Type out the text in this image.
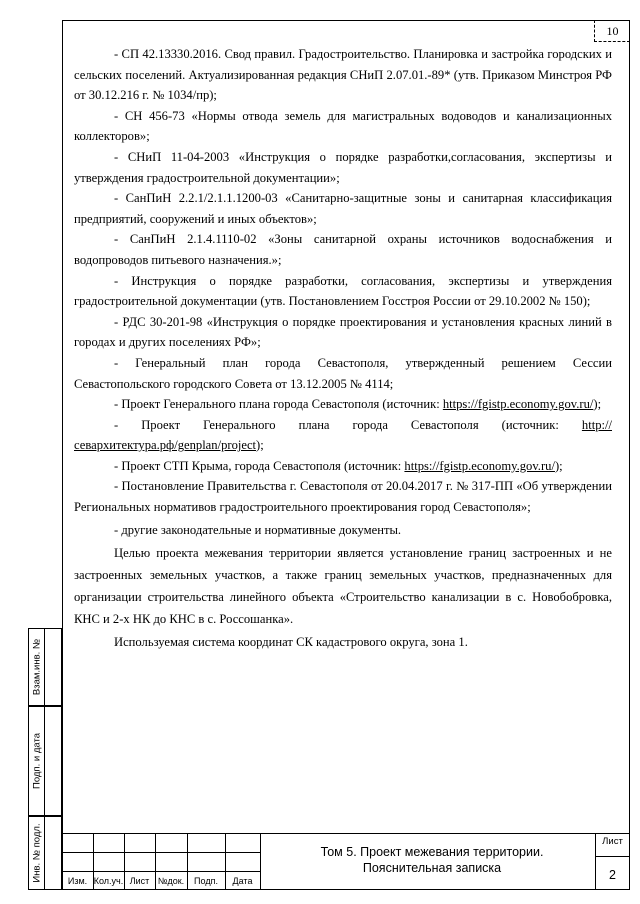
10

- СП 42.13330.2016. Свод правил. Градостроительство. Планировка и застройка городских и сельских поселений. Актуализированная редакция СНиП 2.07.01.-89* (утв. Приказом Минстроя РФ от 30.12.216 г. № 1034/пр);

- СН 456-73 «Нормы отвода земель для магистральных водоводов и канализационных коллекторов»;

- СНиП 11-04-2003 «Инструкция о порядке разработки,согласования, экспертизы и утверждения градостроительной документации»;

- СанПиН 2.2.1/2.1.1.1200-03 «Санитарно-защитные зоны и санитарная классификация предприятий, сооружений и иных объектов»;

- СанПиН 2.1.4.1110-02 «Зоны санитарной охраны источников водоснабжения и водопроводов питьевого назначения.»;

- Инструкция о порядке разработки, согласования, экспертизы и утверждения градостроительной документации (утв. Постановлением Госстроя России от 29.10.2002 № 150);

- РДС 30-201-98 «Инструкция о порядке проектирования и установления красных линий в городах и других поселениях РФ»;

- Генеральный план города Севастополя, утвержденный решением Сессии Севастопольского городского Совета от 13.12.2005 № 4114;

- Проект Генерального плана города Севастополя (источник: https://fgistp.economy.gov.ru/);

- Проект Генерального плана города Севастополя (источник: http://севархитектура.рф/genplan/project);

- Проект СТП Крыма, города Севастополя (источник: https://fgistp.economy.gov.ru/);

- Постановление Правительства г. Севастополя от 20.04.2017 г. № 317-ПП «Об утверждении Региональных нормативов градостроительного проектирования город Севастополя»;

- другие законодательные и нормативные документы.

Целью проекта межевания территории является установление границ застроенных и не застроенных земельных участков, а также границ земельных участков, предназначенных для организации строительства линейного объекта «Строительство канализации в с. Новобобровка, КНС и 2-х НК до КНС в с. Россошанка».

Используемая система координат СК кадастрового округа, зона 1.

Взам.инв. №
Подп. и дата
Инв. № подл.	Изм. Кол.уч. Лист №док.	Подп.	Дата
Том 5. Проект межевания территории.
Пояснительная записка
Лист
2
